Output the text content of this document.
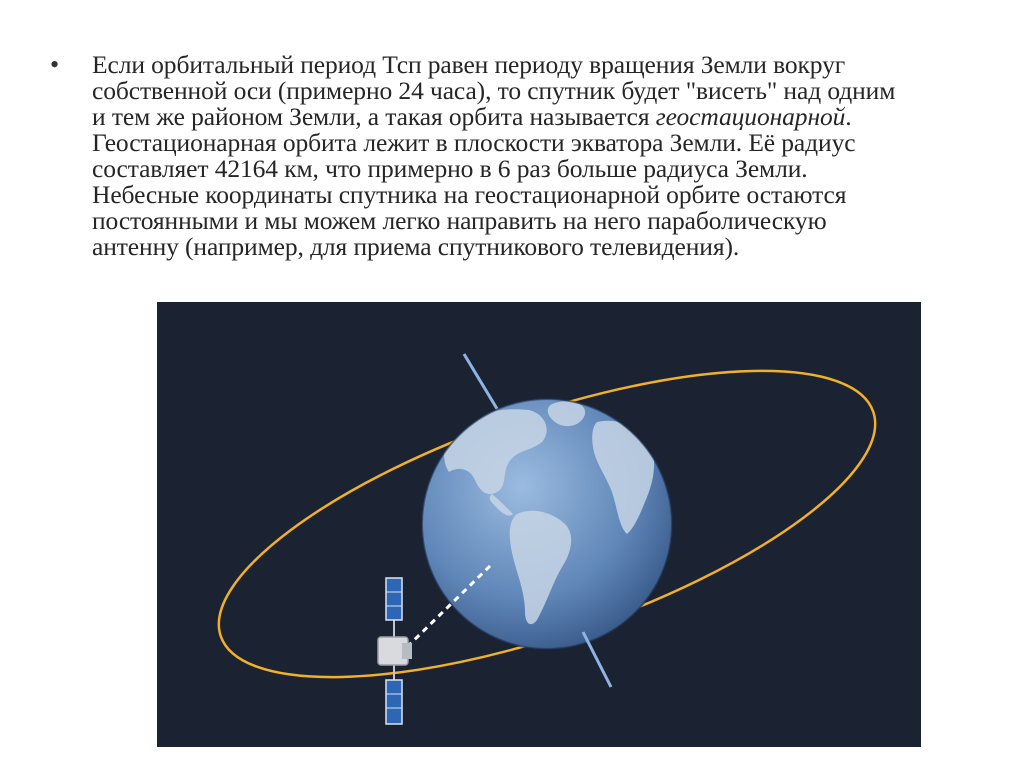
• Если орбитальный период Тсп равен периоду вращения Земли вокруг
собственной оси (примерно 24 часа), то спутник будет "висеть" над одним
и тем же районом Земли, а такая орбита называется геостационарной.
Геостационарная орбита лежит в плоскости экватора Земли. Её радиус
составляет 42164 км, что примерно в 6 раз больше радиуса Земли.
Небесные координаты спутника на геостационарной орбите остаются
постоянными и мы можем легко направить на него параболическую
антенну (например, для приема спутникового телевидения).
